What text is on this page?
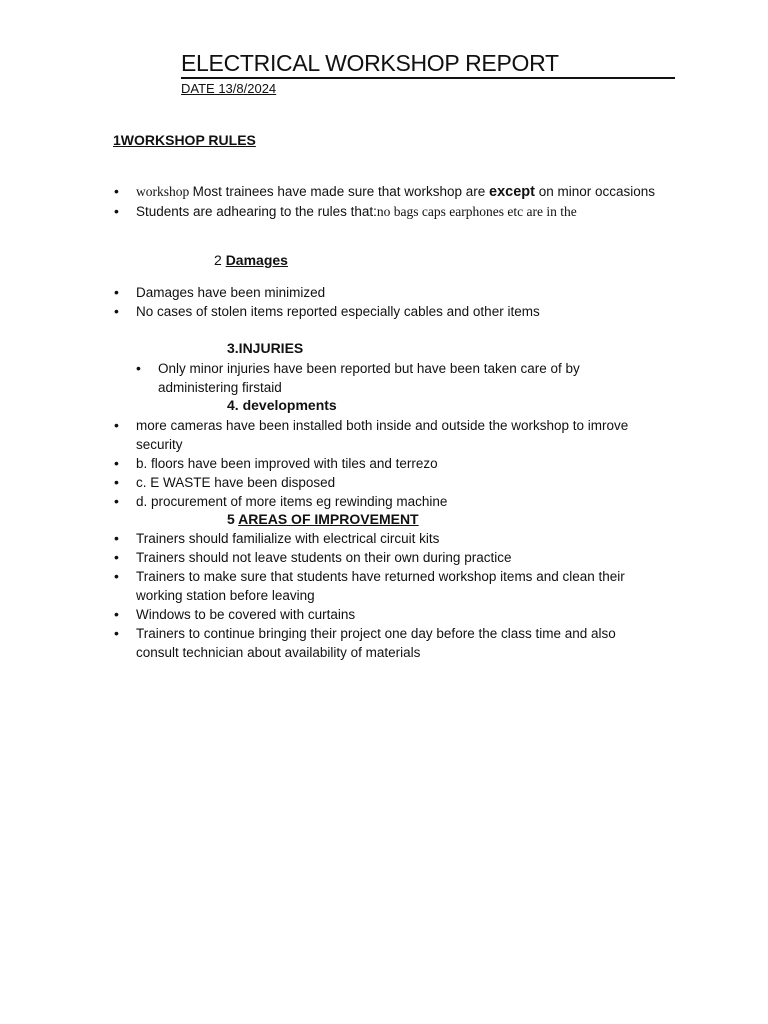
ELECTRICAL WORKSHOP REPORT
DATE 13/8/2024
1WORKSHOP RULES
• workshop Most trainees have made sure that workshop are except on minor occasions
• Students are adhearing to the rules that:no bags caps earphones etc are in the
2 Damages
• Damages have been minimized
• No cases of stolen items reported especially cables and other items
3.INJURIES
• Only minor injuries have been reported but have been taken care of by
administering firstaid
4. developments
• more cameras have been installed both inside and outside the workshop to imrove
security
• b. floors have been improved with tiles and terrezo
• c. E WASTE have been disposed
• d. procurement of more items eg rewinding machine
5 AREAS OF IMPROVEMENT
• Trainers should familialize with electrical circuit kits
• Trainers should not leave students on their own during practice
• Trainers to make sure that students have returned workshop items and clean their
working station before leaving
• Windows to be covered with curtains
• Trainers to continue bringing their project one day before the class time and also
consult technician about availability of materials
